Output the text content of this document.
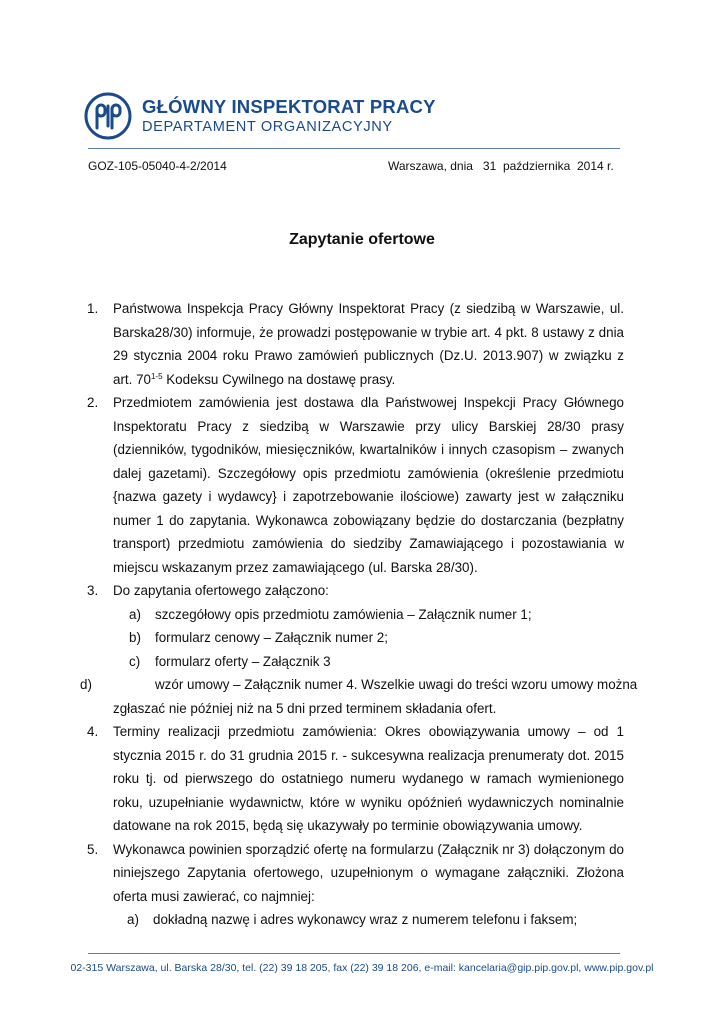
GŁÓWNY INSPEKTORAT PRACY
DEPARTAMENT ORGANIZACYJNY
GOZ-105-05040-4-2/2014	Warszawa, dnia   31  października  2014 r.
Zapytanie ofertowe
1. Państwowa Inspekcja Pracy Główny Inspektorat Pracy (z siedzibą w Warszawie, ul. Barska28/30) informuje, że prowadzi postępowanie w trybie art. 4 pkt. 8 ustawy z dnia 29 stycznia 2004 roku Prawo zamówień publicznych (Dz.U. 2013.907) w związku z art. 70$^{1-5}$ Kodeksu Cywilnego na dostawę prasy.
2. Przedmiotem zamówienia jest dostawa dla Państwowej Inspekcji Pracy Głównego Inspektoratu Pracy z siedzibą w Warszawie przy ulicy Barskiej 28/30 prasy (dzienników, tygodników, miesięczników, kwartalników i innych czasopism – zwanych dalej gazetami). Szczegółowy opis przedmiotu zamówienia (określenie przedmiotu {nazwa gazety i wydawcy} i zapotrzebowanie ilościowe) zawarty jest w załączniku numer 1 do zapytania. Wykonawca zobowiązany będzie do dostarczania (bezpłatny transport) przedmiotu zamówienia do siedziby Zamawiającego i pozostawiania w miejscu wskazanym przez zamawiającego (ul. Barska 28/30).
3. Do zapytania ofertowego załączono:
a) szczegółowy opis przedmiotu zamówienia – Załącznik numer 1;
b) formularz cenowy – Załącznik numer 2;
c) formularz oferty – Załącznik 3
d)	wzór umowy – Załącznik numer 4. Wszelkie uwagi do treści wzoru umowy można
zgłaszać nie później niż na 5 dni przed terminem składania ofert.
4. Terminy realizacji przedmiotu zamówienia: Okres obowiązywania umowy – od 1 stycznia 2015 r. do 31 grudnia 2015 r. - sukcesywna realizacja prenumeraty dot. 2015 roku tj. od pierwszego do ostatniego numeru wydanego w ramach wymienionego roku, uzupełnianie wydawnictw, które w wyniku opóźnień wydawniczych nominalnie datowane na rok 2015, będą się ukazywały po terminie obowiązywania umowy.
5. Wykonawca powinien sporządzić ofertę na formularzu (Załącznik nr 3) dołączonym do niniejszego Zapytania ofertowego, uzupełnionym o wymagane załączniki. Złożona oferta musi zawierać, co najmniej:
a) dokładną nazwę i adres wykonawcy wraz z numerem telefonu i faksem;
02-315 Warszawa, ul. Barska 28/30, tel. (22) 39 18 205, fax (22) 39 18 206, e-mail: kancelaria@gip.pip.gov.pl, www.pip.gov.pl
